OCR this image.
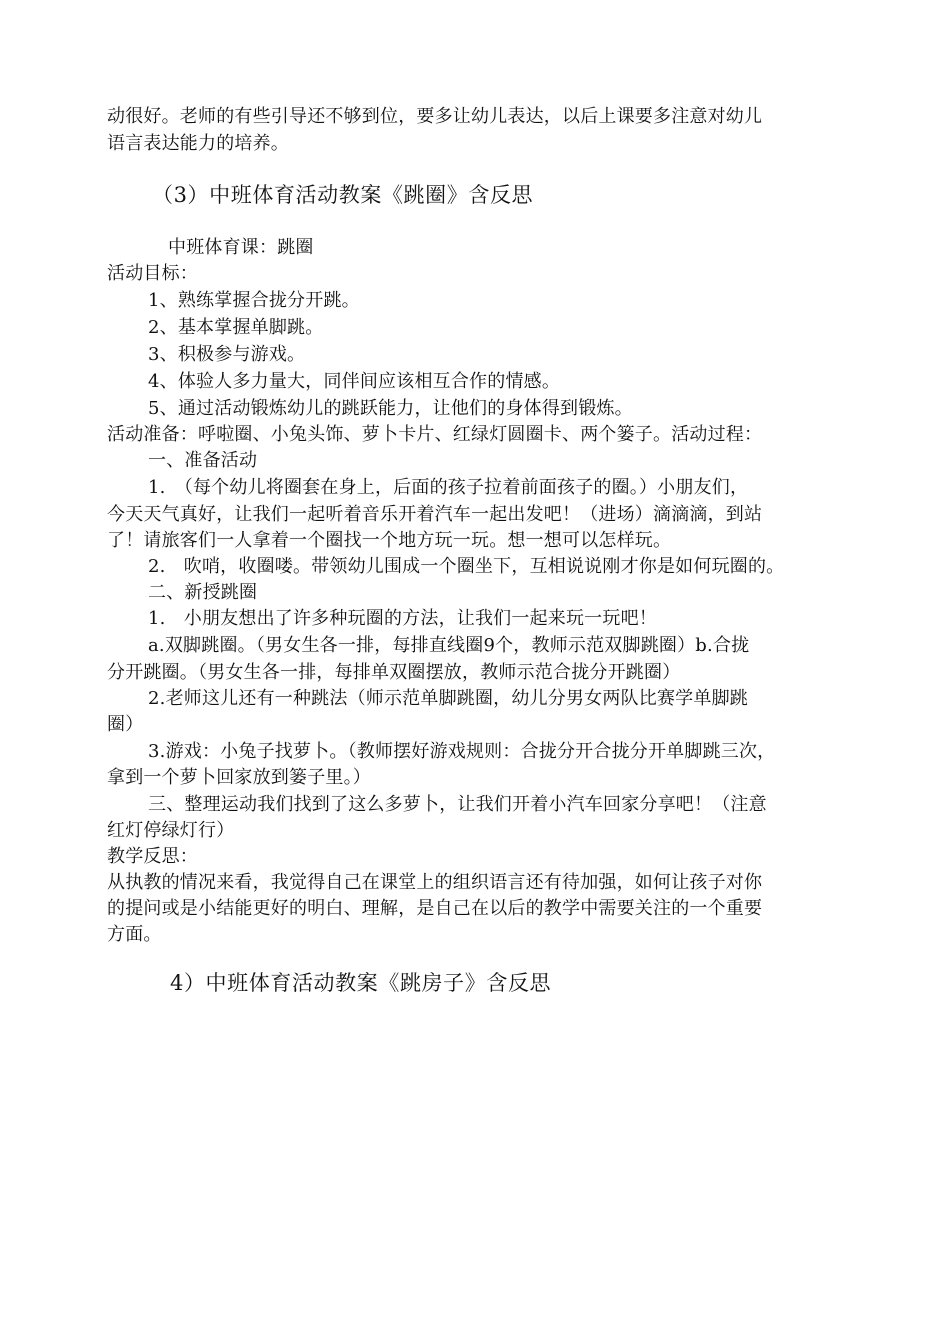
动很好。老师的有些引导还不够到位，要多让幼儿表达，以后上课要多注意对幼儿
语言表达能力的培养。
（3）中班体育活动教案《跳圈》含反思
中班体育课：跳圈
活动目标：
1、熟练掌握合拢分开跳。
2、基本掌握单脚跳。
3、积极参与游戏。
4、体验人多力量大，同伴间应该相互合作的情感。
5、通过活动锻炼幼儿的跳跃能力，让他们的身体得到锻炼。
活动准备：呼啦圈、小兔头饰、萝卜卡片、红绿灯圆圈卡、两个篓子。活动过程：
一、准备活动
1.　（每个幼儿将圈套在身上，后面的孩子拉着前面孩子的圈。）小朋友们，
今天天气真好，让我们一起听着音乐开着汽车一起出发吧！（进场）滴滴滴，到站
了！请旅客们一人拿着一个圈找一个地方玩一玩。想一想可以怎样玩。
2.　吹哨，收圈喽。带领幼儿围成一个圈坐下，互相说说刚才你是如何玩圈的。
二、新授跳圈
1.　小朋友想出了许多种玩圈的方法，让我们一起来玩一玩吧！
a.双脚跳圈。（男女生各一排，每排直线圈9个，教师示范双脚跳圈）b.合拢
分开跳圈。（男女生各一排，每排单双圈摆放，教师示范合拢分开跳圈）
2.老师这儿还有一种跳法（师示范单脚跳圈，幼儿分男女两队比赛学单脚跳
圈）
3.游戏：小兔子找萝卜。（教师摆好游戏规则：合拢分开合拢分开单脚跳三次，
拿到一个萝卜回家放到篓子里。）
三、整理运动我们找到了这么多萝卜，让我们开着小汽车回家分享吧！（注意
红灯停绿灯行）
教学反思：
从执教的情况来看，我觉得自己在课堂上的组织语言还有待加强，如何让孩子对你
的提问或是小结能更好的明白、理解，是自己在以后的教学中需要关注的一个重要
方面。
4）中班体育活动教案《跳房子》含反思
